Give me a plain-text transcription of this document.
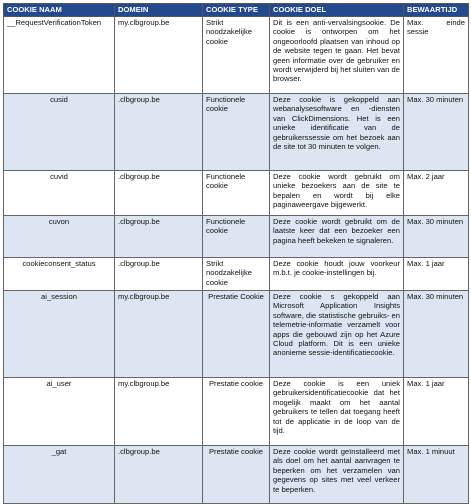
COOKIE NAAM	DOMEIN	COOKIE TYPE	COOKIE DOEL	BEWAARTIJD
__RequestVerificationToken	my.clbgroup.be	Strikt noodzakelijke cookie	Dit is een anti-vervalsingsookie. De cookie is ontworpen om het ongeoorloofd plaatsen van inhoud op de website tegen te gaan. Het bevat geen informatie over de gebruiker en wordt verwijderd bij het sluiten van de browser.	Max. einde sessie
cusid	.clbgroup.be	Functionele cookie	Deze cookie is gekoppeld aan webanalysesoftware en -diensten van ClickDimensions. Het is een unieke identificatie van de gebruikerssessie om het bezoek aan de site tot 30 minuten te volgen.	Max. 30 minuten
cuvid	.clbgroup.be	Functionele cookie	Deze cookie wordt gebruikt om unieke bezoekers aan de site te bepalen en wordt bij elke paginaweergave bijgewerkt.	Max. 2 jaar
cuvon	.clbgroup.be	Functionele cookie	Deze cookie wordt gebruikt om de laatste keer dat een bezoeker een pagina heeft bekeken te signaleren.	Max. 30 minuten
cookieconsent_status	.clbgroup.be	Strikt noodzakelijke cookie	Deze cookie houdt jouw voorkeur m.b.t. je cookie-instellingen bij.	Max. 1 jaar
ai_session	my.clbgroup.be	Prestatie Cookie	Deze cookie s gekoppeld aan Microsoft Application Insights software, die statistische gebruiks- en telemetrie-informatie verzamelt voor apps die gebouwd zijn op het Azure Cloud platform. Dit is een unieke anonieme sessie-identificatiecookie.	Max. 30 minuten
ai_user	my.clbgroup.be	Prestatie cookie	Deze cookie is een uniek gebruikersidentificatiecookie dat het mogelijk maakt om het aantal gebruikers te tellen dat toegang heeft tot de applicatie in de loop van de tijd.	Max. 1 jaar
_gat	.clbgroup.be	Prestatie cookie	Deze cookie wordt geïnstalleerd met als doel om het aantal aanvragen te beperken om het verzamelen van gegevens op sites met veel verkeer te beperken.	Max. 1 minuut
